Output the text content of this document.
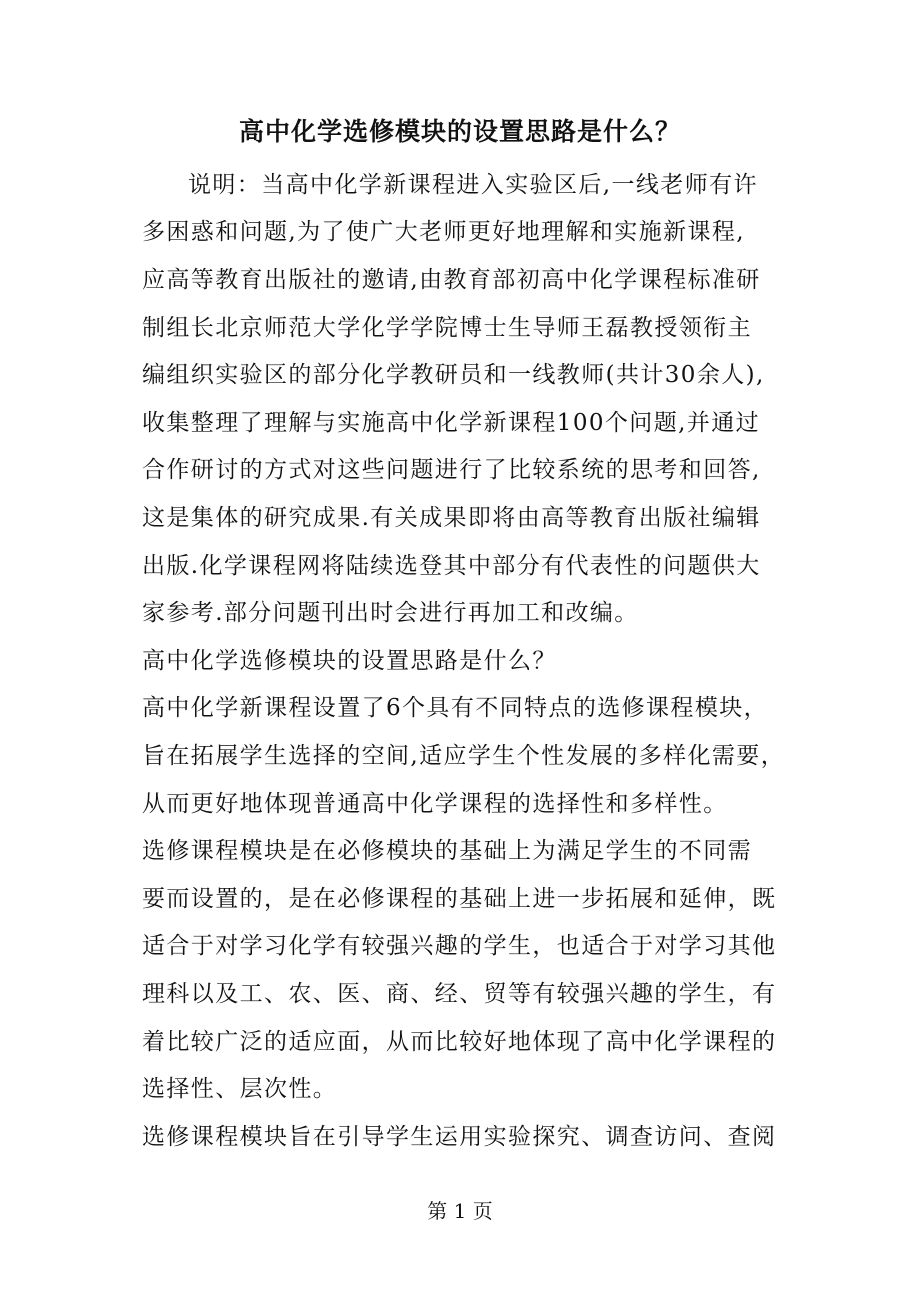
高中化学选修模块的设置思路是什么？
说明：当高中化学新课程进入实验区后,一线老师有许
多困惑和问题,为了使广大老师更好地理解和实施新课程,
应高等教育出版社的邀请,由教育部初高中化学课程标准研
制组长北京师范大学化学学院博士生导师王磊教授领衔主
编组织实验区的部分化学教研员和一线教师(共计30余人),
收集整理了理解与实施高中化学新课程100个问题,并通过
合作研讨的方式对这些问题进行了比较系统的思考和回答,
这是集体的研究成果.有关成果即将由高等教育出版社编辑
出版.化学课程网将陆续选登其中部分有代表性的问题供大
家参考.部分问题刊出时会进行再加工和改编。
高中化学选修模块的设置思路是什么？
高中化学新课程设置了6个具有不同特点的选修课程模块，
旨在拓展学生选择的空间,适应学生个性发展的多样化需要，
从而更好地体现普通高中化学课程的选择性和多样性。
选修课程模块是在必修模块的基础上为满足学生的不同需
要而设置的，是在必修课程的基础上进一步拓展和延伸，既
适合于对学习化学有较强兴趣的学生，也适合于对学习其他
理科以及工、农、医、商、经、贸等有较强兴趣的学生，有
着比较广泛的适应面，从而比较好地体现了高中化学课程的
选择性、层次性。
选修课程模块旨在引导学生运用实验探究、调查访问、查阅
第 1 页
